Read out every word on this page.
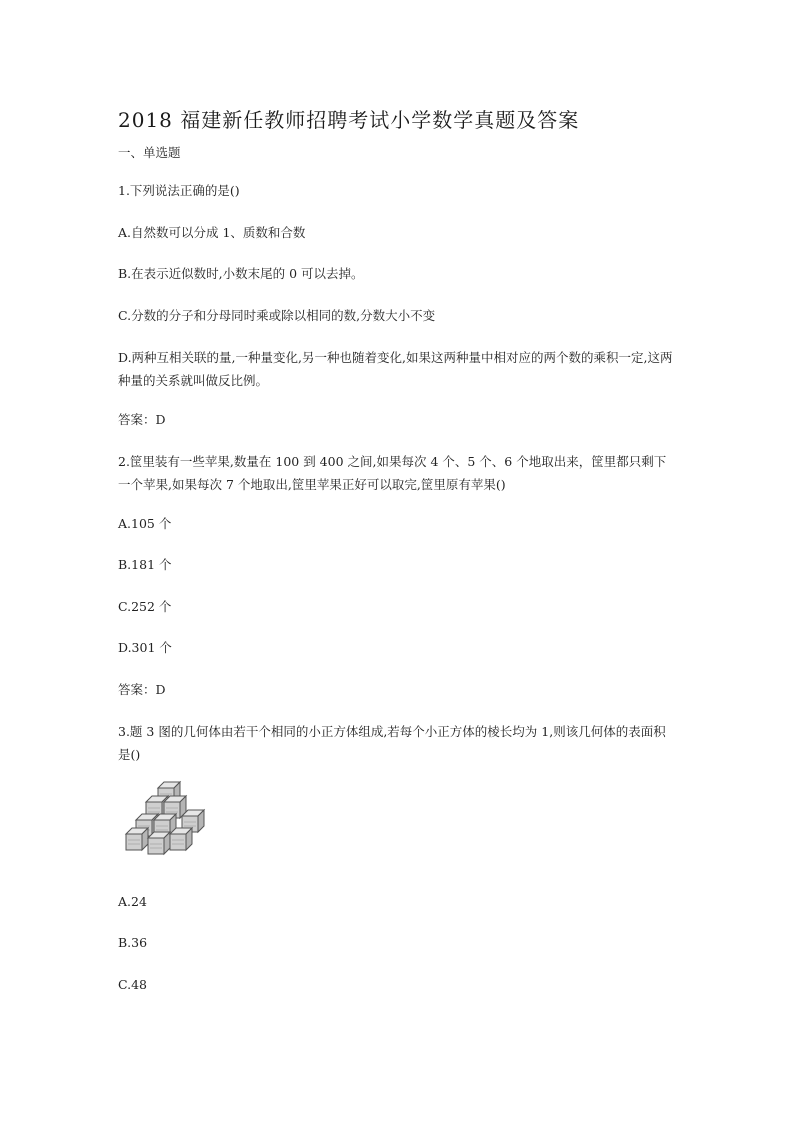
2018 福建新任教师招聘考试小学数学真题及答案
一、单选题
1.下列说法正确的是()
A.自然数可以分成 1、质数和合数
B.在表示近似数时,小数末尾的 0 可以去掉。
C.分数的分子和分母同时乘或除以相同的数,分数大小不变
D.两种互相关联的量,一种量变化,另一种也随着变化,如果这两种量中相对应的两个数的乘积一定,这两种量的关系就叫做反比例。
答案：D
2.筐里装有一些苹果,数量在 100 到 400 之间,如果每次 4 个、5 个、6 个地取出来，筐里都只剩下一个苹果,如果每次 7 个地取出,筐里苹果正好可以取完,筐里原有苹果()
A.105 个
B.181 个
C.252 个
D.301 个
答案：D
3.题 3 图的几何体由若干个相同的小正方体组成,若每个小正方体的棱长均为 1,则该几何体的表面积是()
A.24
B.36
C.48
